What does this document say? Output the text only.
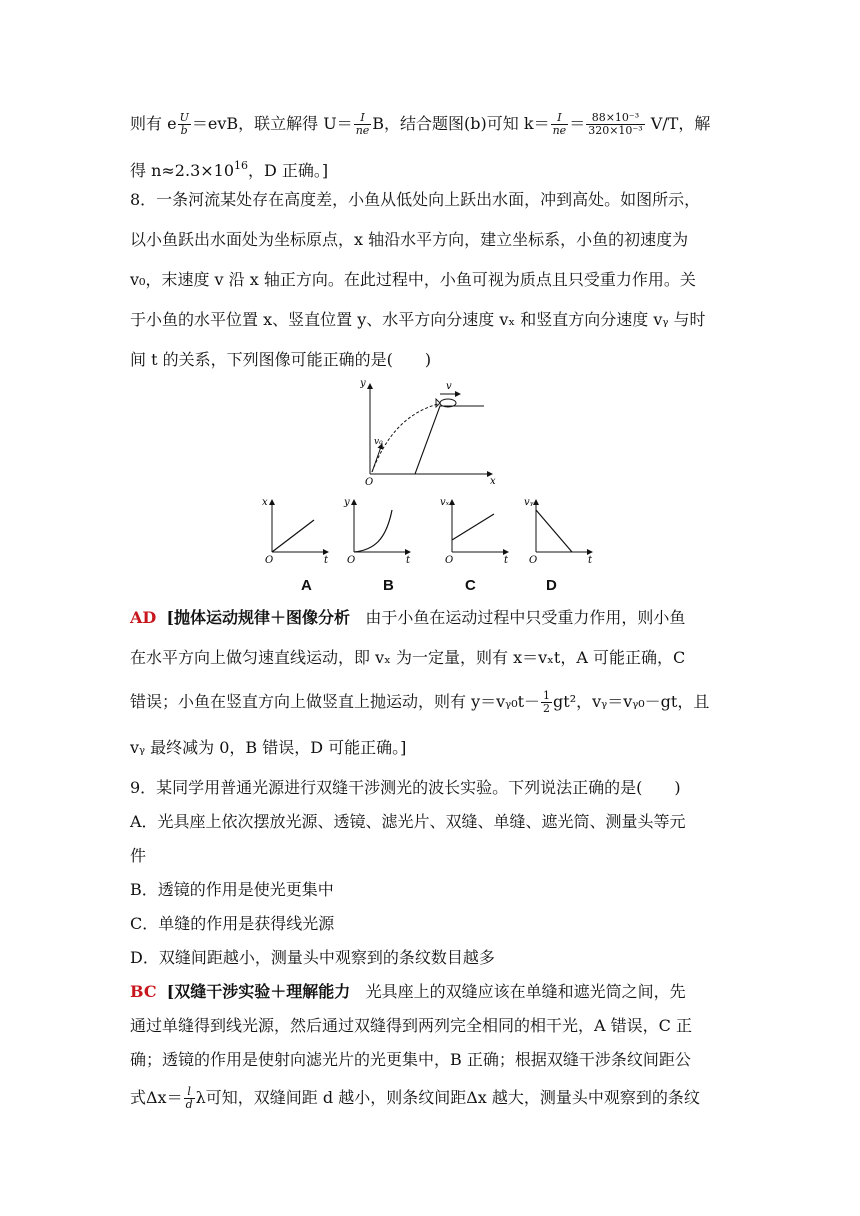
则有 e $\frac{U}{b} =evB$，联立解得 $U= \frac{I}{ne}$ B，结合题图(b)可知 $k= \frac{I}{ne} = \frac{\text{88×10⁻³}}{\text{320×10⁻³}} V/T$，解
得 $n\approx 2.3\times 10^{16}$，D 正确。]
8．一条河流某处存在高度差，小鱼从低处向上跃出水面，冲到高处。如图所示，
以小鱼跃出水面处为坐标原点，x 轴沿水平方向，建立坐标系，小鱼的初速度为
v₀，末速度 v 沿 x 轴正方向。在此过程中，小鱼可视为质点且只受重力作用。关
于小鱼的水平位置 x、竖直位置 y、水平方向分速度 vₓ 和竖直方向分速度 vᵧ 与时
间 t 的关系，下列图像可能正确的是(　　)
y
x
O
v
v₀
x
t
O
y
t
O
vₓ
t
O
vᵧ
t
O
A	B	C	D
AD [抛体运动规律＋图像分析 由于小鱼在运动过程中只受重力作用，则小鱼
在水平方向上做匀速直线运动，即 vₓ 为一定量，则有 x＝vₓt，A 可能正确，C
错误；小鱼在竖直方向上做竖直上抛运动，则有 y＝vᵧ₀t－ $\frac{1}{2} gt^2$，vᵧ＝vᵧ₀－gt，且
vᵧ 最终减为 0，B 错误，D 可能正确。]
9．某同学用普通光源进行双缝干涉测光的波长实验。下列说法正确的是(　　)
A．光具座上依次摆放光源、透镜、滤光片、双缝、单缝、遮光筒、测量头等元
件
B．透镜的作用是使光更集中
C．单缝的作用是获得线光源
D．双缝间距越小，测量头中观察到的条纹数目越多
BC [双缝干涉实验＋理解能力 光具座上的双缝应该在单缝和遮光筒之间，先
通过单缝得到线光源，然后通过双缝得到两列完全相同的相干光，A 错误，C 正
确；透镜的作用是使射向滤光片的光更集中，B 正确；根据双缝干涉条纹间距公
式$\Delta x= \frac{l}{d}$ λ可知，双缝间距 d 越小，则条纹间距Δx 越大，测量头中观察到的条纹
